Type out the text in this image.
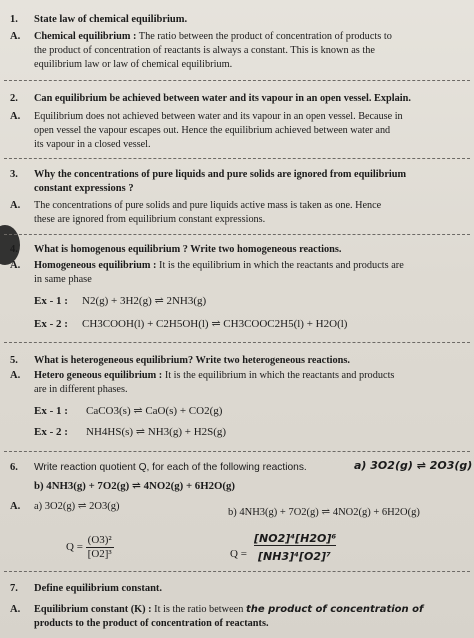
1. State law of chemical equilibrium.
A. Chemical equilibrium : The ratio between the product of concentration of products to
the product of concentration of reactants is always a constant. This is known as the
equilibrium law or law of chemical equilibrium.
2. Can equilibrium be achieved between water and its vapour in an open vessel. Explain.
A. Equilibrium does not achieved between water and its vapour in an open vessel. Because in
open vessel the vapour escapes out. Hence the equilibrium achieved between water and
its vapour in a closed vessel.
3. Why the concentrations of pure liquids and pure solids are ignored from equilibrium
constant expressions ?
A. The concentrations of pure solids and pure liquids active mass is taken as one. Hence
these are ignored from equilibrium constant expressions.
4. What is homogenous equilibrium ? Write two homogeneous reactions.
A. Homogeneous equilibrium : It is the equilibrium in which the reactants and products are
in same phase
Ex - 1 : N2(g) + 3H2(g) ⇌ 2NH3(g)
Ex - 2 : CH3COOH(l) + C2H5OH(l) ⇌ CH3COOC2H5(l) + H2O(l)
5. What is heterogeneous equilibrium? Write two heterogeneous reactions.
A. Hetero geneous equilibrium : It is the equilibrium in which the reactants and products
are in different phases.
Ex - 1 : CaCO3(s) ⇌ CaO(s) + CO2(g)
Ex - 2 : NH4HS(s) ⇌ NH3(g) + H2S(g)
6. Write reaction quotient Q, for each of the following reactions.	a) 3O2(g) ⇌ 2O3(g)
b) 4NH3(g) + 7O2(g) ⇌ 4NO2(g) + 6H2O(g)
A. a) 3O2(g) ⇌ 2O3(g)
b) 4NH3(g) + 7O2(g) ⇌ 4NO2(g) + 6H2O(g)
$Q = \frac{\text{(O3)²}}{\text{[O2]³}}$	Q =
[NO2]⁴[H2O]⁶
[NH3]⁴[O2]⁷
7. Define equilibrium constant.
A. Equilibrium constant (K) : It is the ratio between the product of concentration of
products to the product of concentration of reactants.
